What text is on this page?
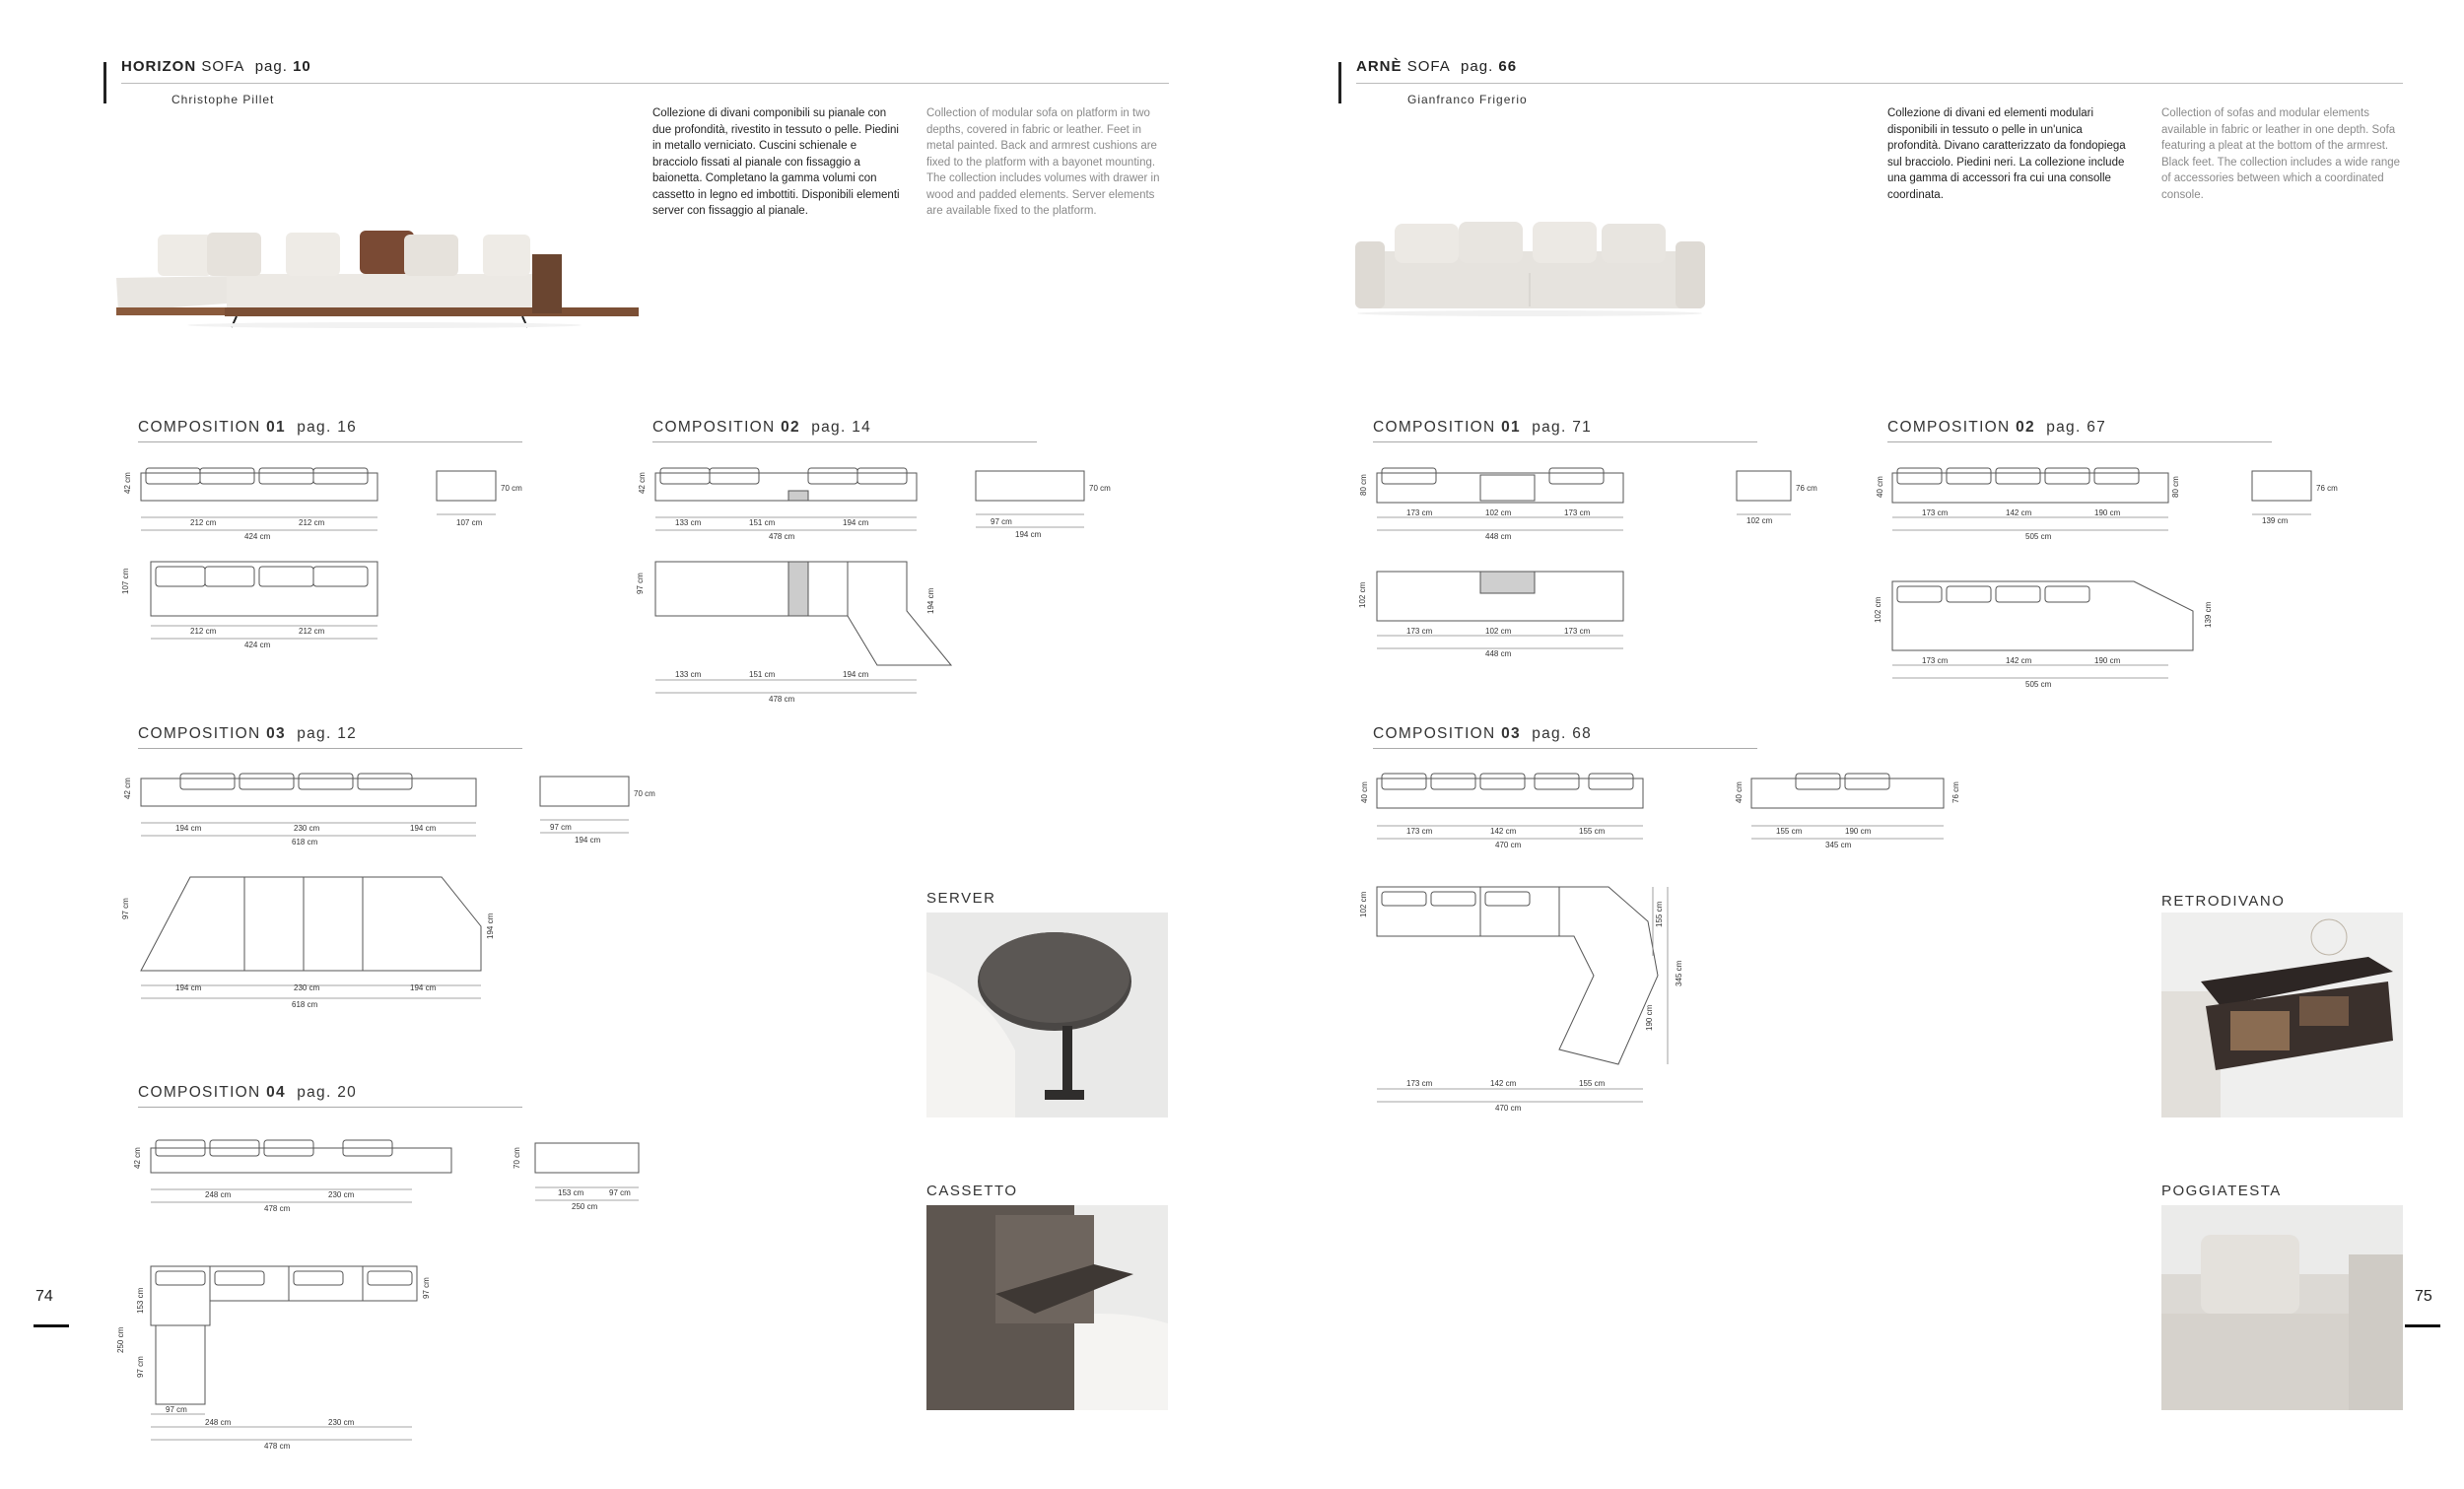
HORIZON SOFA pag. 10
Christophe Pillet
Collezione di divani componibili su pianale con due profondità, rivestito in tessuto o pelle. Piedini in metallo verniciato. Cuscini schienale e bracciolo fissati al pianale con fissaggio a baionetta. Completano la gamma volumi con cassetto in legno ed imbottiti. Disponibili elementi server con fissaggio al pianale.
Collection of modular sofa on platform in two depths, covered in fabric or leather. Feet in metal painted. Back and armrest cushions are fixed to the platform with a bayonet mounting. The collection includes volumes with drawer in wood and padded elements. Server elements are available fixed to the platform.
COMPOSITION 01 pag. 16
212 cm	212 cm
424 cm
42 cm
107 cm
70 cm
107 cm
212 cm	212 cm
424 cm
COMPOSITION 02 pag. 14
133 cm	151 cm	194 cm
478 cm
42 cm
97 cm
194 cm
70 cm
97 cm
194 cm
133 cm	151 cm	194 cm
478 cm
COMPOSITION 03 pag. 12
194 cm	230 cm	194 cm
618 cm
42 cm
97 cm
194 cm
70 cm
97 cm
194 cm
194 cm	230 cm	194 cm
618 cm
COMPOSITION 04 pag. 20
248 cm	230 cm
478 cm
42 cm	70 cm
153 cm	97 cm
250 cm
97 cm
153 cm
250 cm
97 cm
97 cm
248 cm	230 cm
478 cm
SERVER
CASSETTO
74
ARNÈ SOFA pag. 66
Gianfranco Frigerio
Collezione di divani ed elementi modulari disponibili in tessuto o pelle in un'unica profondità. Divano caratterizzato da fondopiega sul bracciolo. Piedini neri. La collezione include una gamma di accessori fra cui una consolle coordinata.
Collection of sofas and modular elements available in fabric or leather in one depth. Sofa featuring a pleat at the bottom of the armrest. Black feet. The collection includes a wide range of accessories between which a coordinated console.
COMPOSITION 01 pag. 71
173 cm	102 cm	173 cm
448 cm
80 cm
102 cm
76 cm
102 cm
173 cm	102 cm	173 cm
448 cm
COMPOSITION 02 pag. 67
173 cm	142 cm	190 cm
505 cm
40 cm	80 cm
139 cm
76 cm
102 cm	139 cm
173 cm	142 cm	190 cm
505 cm
COMPOSITION 03 pag. 68
173 cm	142 cm	155 cm
470 cm
40 cm
155 cm	190 cm
345 cm
40 cm	76 cm
102 cm	155 cm
345 cm
190 cm
173 cm	142 cm	155 cm
470 cm
RETRODIVANO
POGGIATESTA
75
